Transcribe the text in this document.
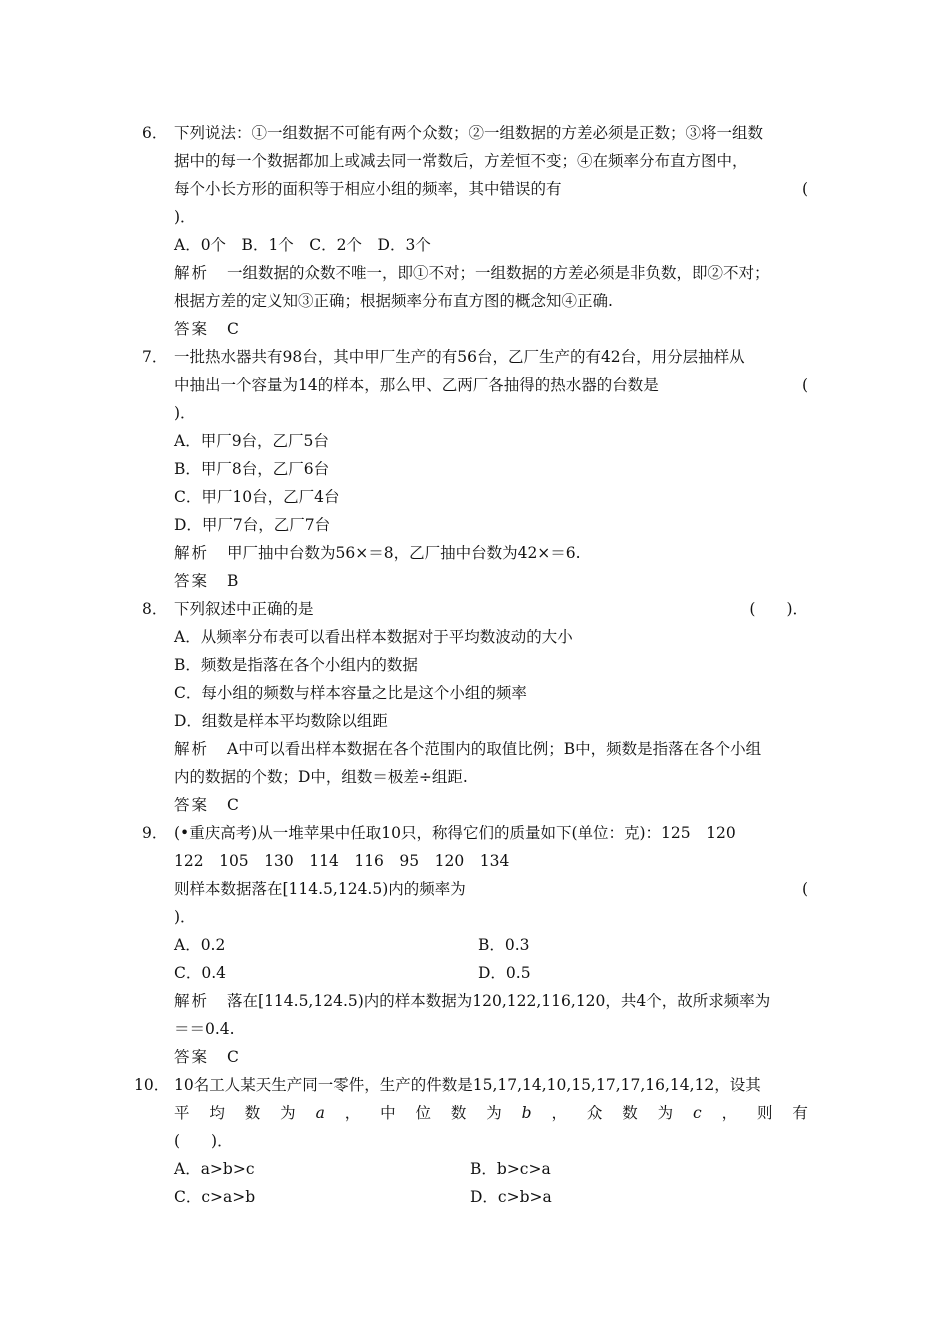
6． 下列说法：①一组数据不可能有两个众数；②一组数据的方差必须是正数；③将一组数
据中的每一个数据都加上或减去同一常数后，方差恒不变；④在频率分布直方图中，
每个小长方形的面积等于相应小组的频率，其中错误的有	(
)．
A．0个　B．1个　C．2个　D．3个
解析 一组数据的众数不唯一，即①不对；一组数据的方差必须是非负数，即②不对；
根据方差的定义知③正确；根据频率分布直方图的概念知④正确.
答案 C
7． 一批热水器共有98台，其中甲厂生产的有56台，乙厂生产的有42台，用分层抽样从
中抽出一个容量为14的样本，那么甲、乙两厂各抽得的热水器的台数是	(
)．
A．甲厂9台，乙厂5台
B．甲厂8台，乙厂6台
C．甲厂10台，乙厂4台
D．甲厂7台，乙厂7台
解析 甲厂抽中台数为56×＝8，乙厂抽中台数为42×＝6.
答案 B
8． 下列叙述中正确的是	(　　)．
A．从频率分布表可以看出样本数据对于平均数波动的大小
B．频数是指落在各个小组内的数据
C．每小组的频数与样本容量之比是这个小组的频率
D．组数是样本平均数除以组距
解析 A中可以看出样本数据在各个范围内的取值比例；B中，频数是指落在各个小组
内的数据的个数；D中，组数＝极差÷组距.
答案 C
9． (•重庆高考)从一堆苹果中任取10只，称得它们的质量如下(单位：克)：125　120
122　105　130　114　116　95　120　134
则样本数据落在[114.5,124.5)内的频率为	(
)．
A．0.2	B．0.3
C．0.4	D．0.5
解析 落在[114.5,124.5)内的样本数据为120,122,116,120，共4个，故所求频率为
＝＝0.4.
答案 C
10． 10名工人某天生产同一零件，生产的件数是15,17,14,10,15,17,17,16,14,12，设其
平 均 数 为 a ， 中 位 数 为 b ， 众 数 为 c ， 则 有
(　　)．
A．a>b>c	B．b>c>a
C．c>a>b	D．c>b>a
